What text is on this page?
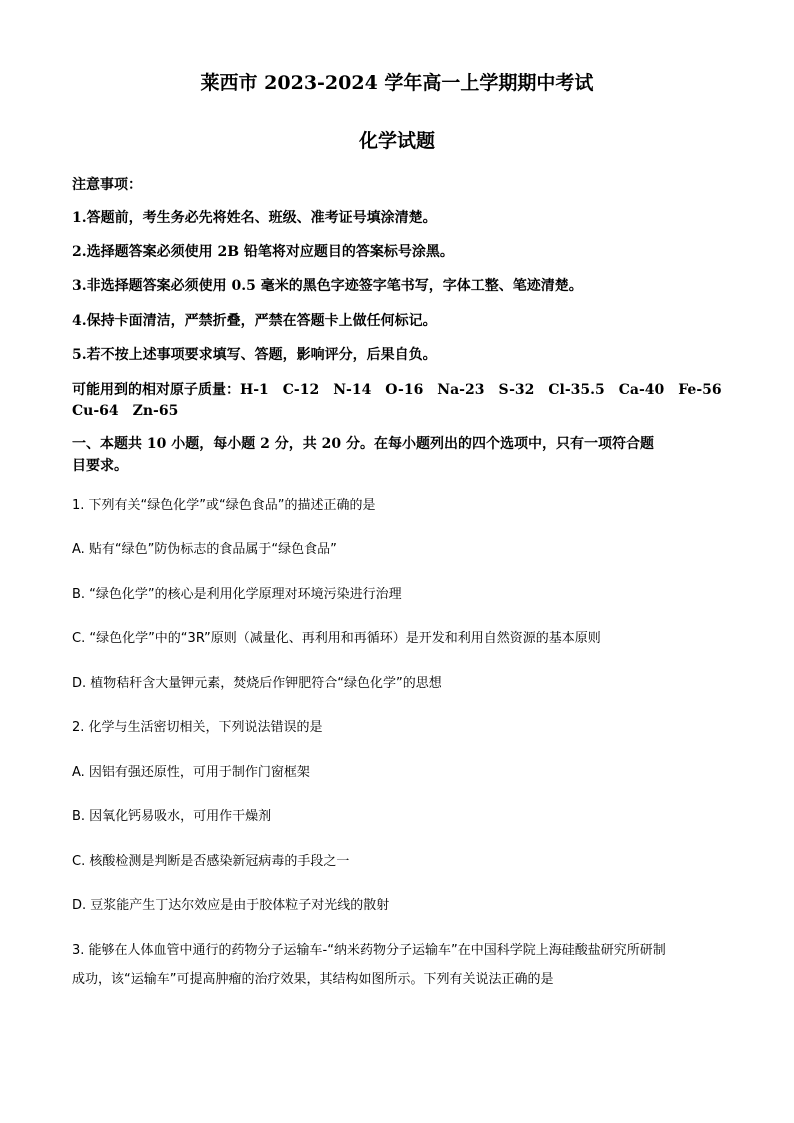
莱西市 2023-2024 学年高一上学期期中考试
化学试题
注意事项：
1.答题前，考生务必先将姓名、班级、准考证号填涂清楚。
2.选择题答案必须使用 2B 铅笔将对应题目的答案标号涂黑。
3.非选择题答案必须使用 0.5 毫米的黑色字迹签字笔书写，字体工整、笔迹清楚。
4.保持卡面清洁，严禁折叠，严禁在答题卡上做任何标记。
5.若不按上述事项要求填写、答题，影响评分，后果自负。
可能用到的相对原子质量：H-1　C-12　N-14　O-16　Na-23　S-32　Cl-35.5　Ca-40　Fe-56
Cu-64　Zn-65
一、本题共 10 小题，每小题 2 分，共 20 分。在每小题列出的四个选项中，只有一项符合题
目要求。
1. 下列有关“绿色化学”或“绿色食品”的描述正确的是
A. 贴有“绿色”防伪标志的食品属于“绿色食品”
B. “绿色化学”的核心是利用化学原理对环境污染进行治理
C. “绿色化学”中的“3R”原则（减量化、再利用和再循环）是开发和利用自然资源的基本原则
D. 植物秸秆含大量钾元素，焚烧后作钾肥符合“绿色化学”的思想
2. 化学与生活密切相关，下列说法错误的是
A. 因铝有强还原性，可用于制作门窗框架
B. 因氧化钙易吸水，可用作干燥剂
C. 核酸检测是判断是否感染新冠病毒的手段之一
D. 豆浆能产生丁达尔效应是由于胶体粒子对光线的散射
3. 能够在人体血管中通行的药物分子运输车-“纳米药物分子运输车”在中国科学院上海硅酸盐研究所研制
成功，该“运输车”可提高肿瘤的治疗效果，其结构如图所示。下列有关说法正确的是
